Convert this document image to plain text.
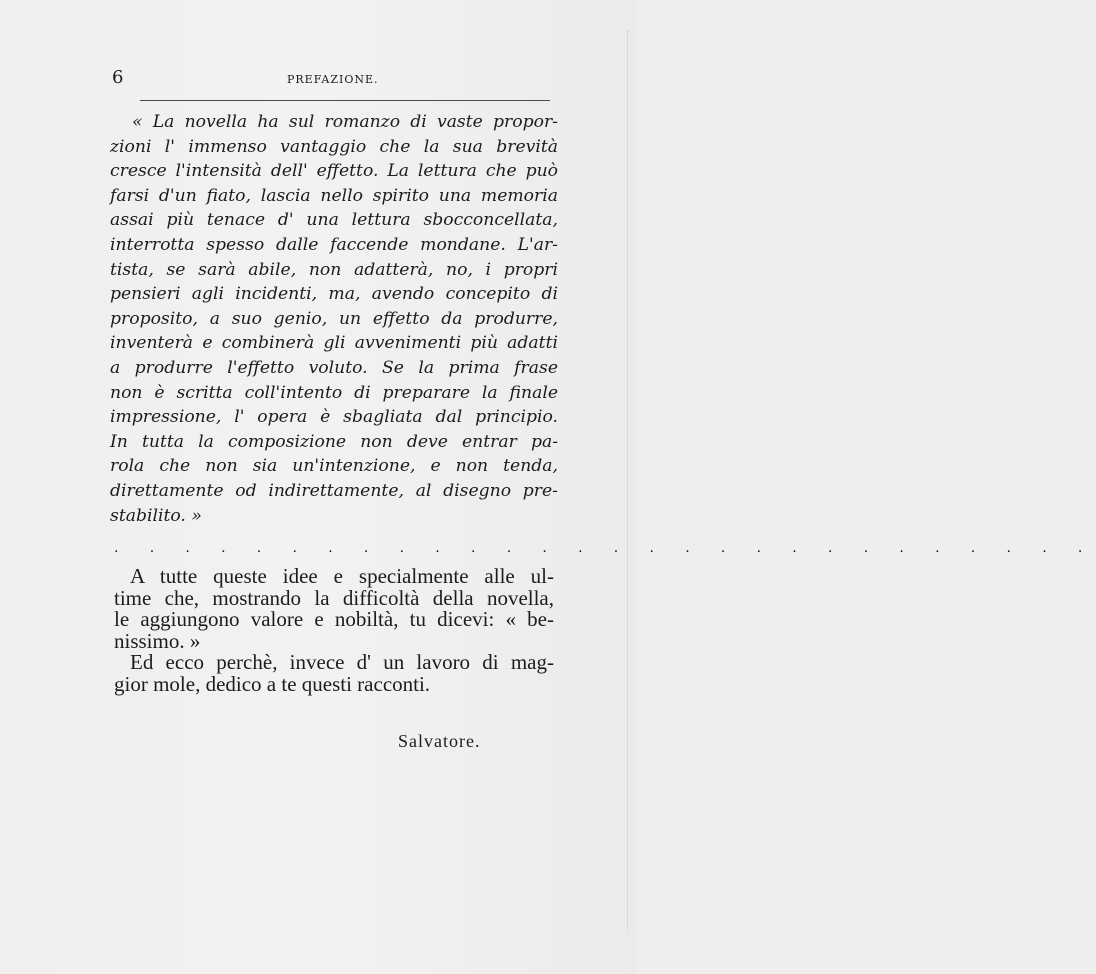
6	PREFAZIONE.
« La novella ha sul romanzo di vaste propor-
zioni l' immenso vantaggio che la sua brevità
cresce l'intensità dell' effetto. La lettura che può
farsi d'un fiato, lascia nello spirito una memoria
assai più tenace d' una lettura sbocconcellata,
interrotta spesso dalle faccende mondane. L'ar-
tista, se sarà abile, non adatterà, no, i propri
pensieri agli incidenti, ma, avendo concepito di
proposito, a suo genio, un effetto da produrre,
inventerà e combinerà gli avvenimenti più adatti
a produrre l'effetto voluto. Se la prima frase
non è scritta coll'intento di preparare la finale
impressione, l' opera è sbagliata dal principio.
In tutta la composizione non deve entrar pa-
rola che non sia un'intenzione, e non tenda,
direttamente od indirettamente, al disegno pre-
stabilito. »
. . . . . . . . . . . . . . . . . . . . . . . . . . . .
A tutte queste idee e specialmente alle ul-
time che, mostrando la difficoltà della novella,
le aggiungono valore e nobiltà, tu dicevi: « be-
nissimo. »
Ed ecco perchè, invece d' un lavoro di mag-
gior mole, dedico a te questi racconti.
Salvatore.
